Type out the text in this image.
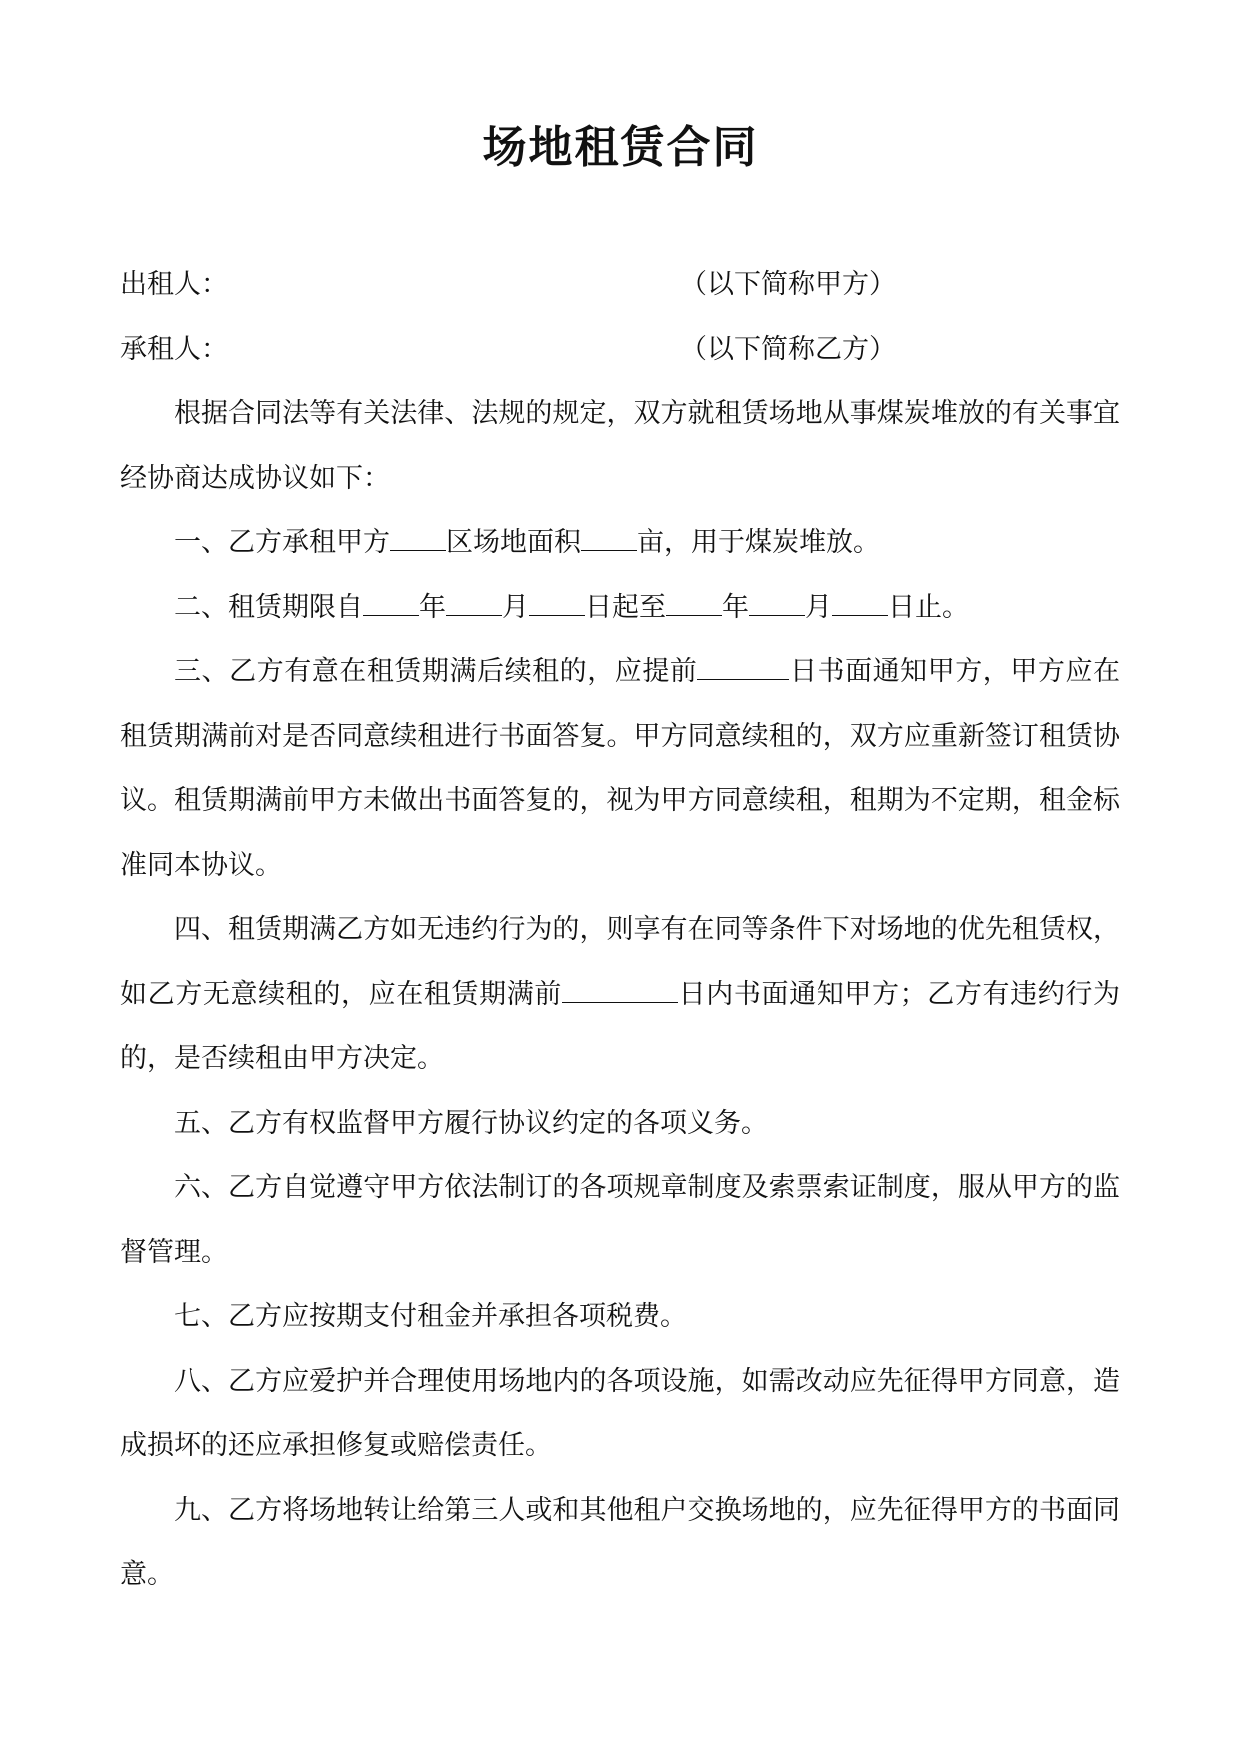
场地租赁合同
出租人：	（以下简称甲方）
承租人：	（以下简称乙方）

根据合同法等有关法律、法规的规定，双方就租赁场地从事煤炭堆放的有关事宜经协商达成协议如下：

一、乙方承租甲方 区场地面积 亩，用于煤炭堆放。

二、租赁期限自 年 月 日起至 年 月 日止。

三、乙方有意在租赁期满后续租的，应提前	日书面通知甲方，甲方应在租赁期满前对是否同意续租进行书面答复。甲方同意续租的，双方应重新签订租赁协议。租赁期满前甲方未做出书面答复的，视为甲方同意续租，租期为不定期，租金标准同本协议。

四、租赁期满乙方如无违约行为的，则享有在同等条件下对场地的优先租赁权，如乙方无意续租的，应在租赁期满前	日内书面通知甲方；乙方有违约行为的，是否续租由甲方决定。

五、乙方有权监督甲方履行协议约定的各项义务。

六、乙方自觉遵守甲方依法制订的各项规章制度及索票索证制度，服从甲方的监督管理。

七、乙方应按期支付租金并承担各项税费。

八、乙方应爱护并合理使用场地内的各项设施，如需改动应先征得甲方同意，造成损坏的还应承担修复或赔偿责任。

九、乙方将场地转让给第三人或和其他租户交换场地的，应先征得甲方的书面同意。
